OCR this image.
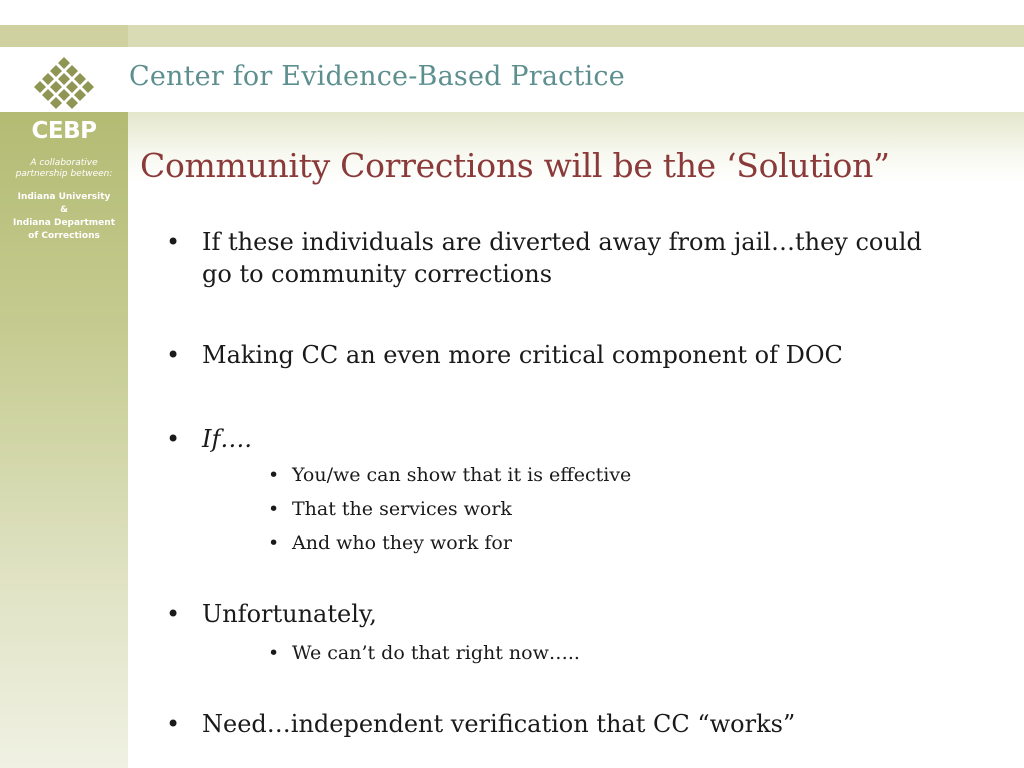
Center for Evidence-Based Practice
CEBP
A collaborative
partnership between:
Indiana University
&
Indiana Department
of Corrections
Community Corrections will be the ‘Solution”
• If these individuals are diverted away from jail…they could go to community corrections
• Making CC an even more critical component of DOC
• If….
• You/we can show that it is effective
• That the services work
• And who they work for
• Unfortunately,
• We can’t do that right now…..
• Need…independent verification that CC “works”
